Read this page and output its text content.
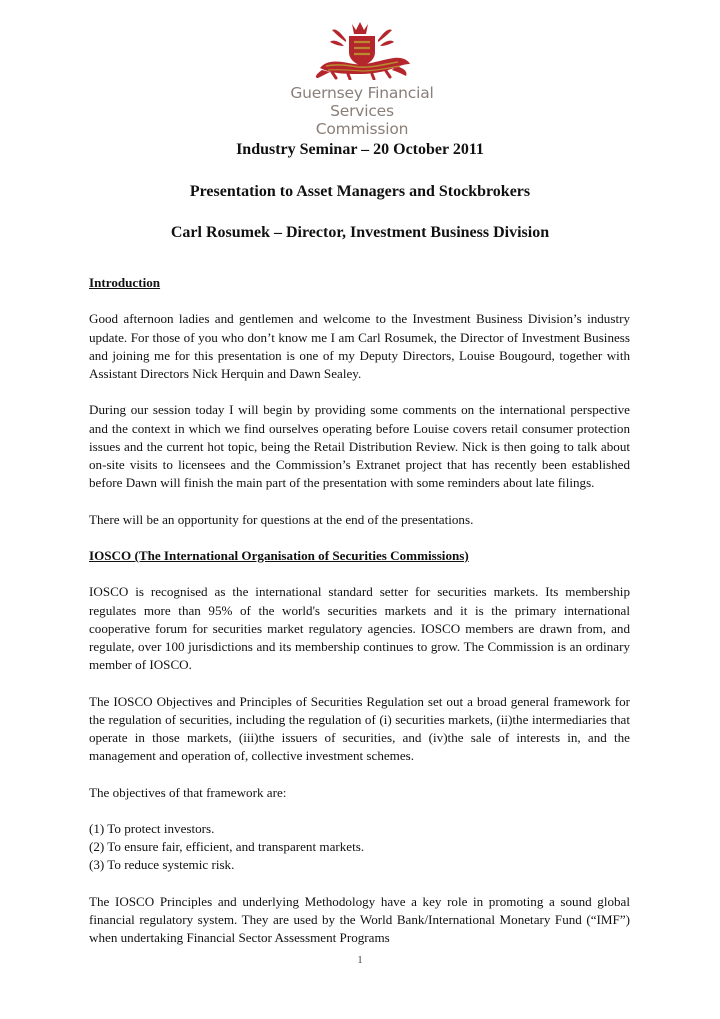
Guernsey Financial
Services Commission
Industry Seminar – 20 October 2011
Presentation to Asset Managers and Stockbrokers
Carl Rosumek – Director, Investment Business Division

Introduction

Good afternoon ladies and gentlemen and welcome to the Investment Business Division’s industry update. For those of you who don’t know me I am Carl Rosumek, the Director of Investment Business and joining me for this presentation is one of my Deputy Directors, Louise Bougourd, together with Assistant Directors Nick Herquin and Dawn Sealey.

During our session today I will begin by providing some comments on the international perspective and the context in which we find ourselves operating before Louise covers retail consumer protection issues and the current hot topic, being the Retail Distribution Review. Nick is then going to talk about on-site visits to licensees and the Commission’s Extranet project that has recently been established before Dawn will finish the main part of the presentation with some reminders about late filings.

There will be an opportunity for questions at the end of the presentations.

IOSCO (The International Organisation of Securities Commissions)

IOSCO is recognised as the international standard setter for securities markets. Its membership regulates more than 95% of the world's securities markets and it is the primary international cooperative forum for securities market regulatory agencies. IOSCO members are drawn from, and regulate, over 100 jurisdictions and its membership continues to grow. The Commission is an ordinary member of IOSCO.

The IOSCO Objectives and Principles of Securities Regulation set out a broad general framework for the regulation of securities, including the regulation of (i) securities markets, (ii)the intermediaries that operate in those markets, (iii)the issuers of securities, and (iv)the sale of interests in, and the management and operation of, collective investment schemes.

The objectives of that framework are:

(1) To protect investors.
(2) To ensure fair, efficient, and transparent markets.
(3) To reduce systemic risk.

The IOSCO Principles and underlying Methodology have a key role in promoting a sound global financial regulatory system. They are used by the World Bank/International Monetary Fund (“IMF”) when undertaking Financial Sector Assessment Programs

1
